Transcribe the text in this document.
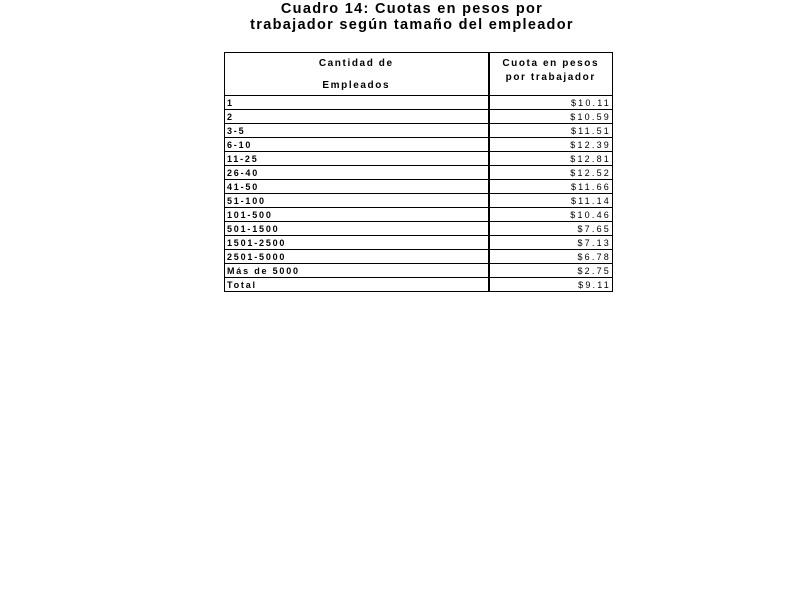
Cuadro 14: Cuotas en pesos por
trabajador según tamaño del empleador
Cantidad de
Empleados	Cuota en pesos
por trabajador

1	$10.11
2	$10.59
3-5	$11.51
6-10	$12.39
11-25	$12.81
26-40	$12.52
41-50	$11.66
51-100	$11.14
101-500	$10.46
501-1500	$7.65
1501-2500	$7.13
2501-5000	$6.78
Más de 5000	$2.75
Total	$9.11
